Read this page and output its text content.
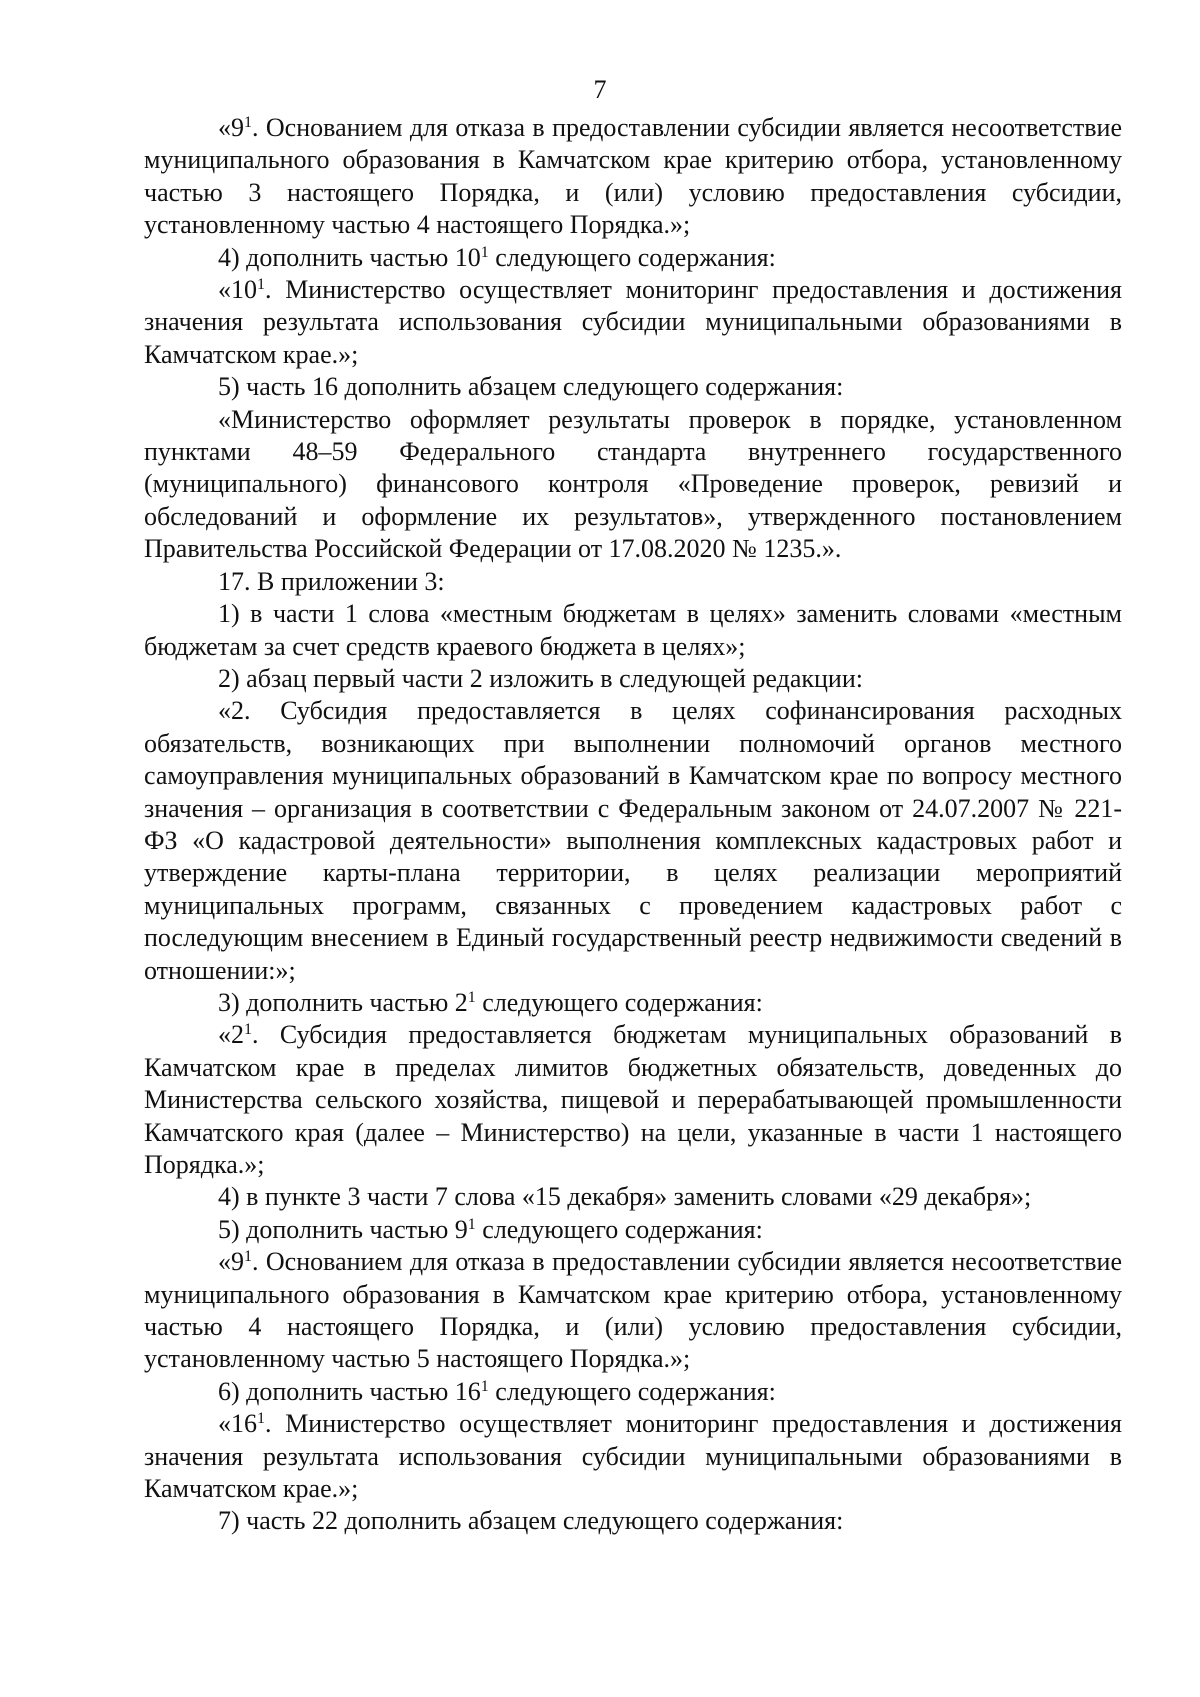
7

«$9^1$. Основанием для отказа в предоставлении субсидии является несоответствие муниципального образования в Камчатском крае критерию отбора, установленному частью 3 настоящего Порядка, и (или) условию предоставления субсидии, установленному частью 4 настоящего Порядка.»;

4) дополнить частью $10^1$ следующего содержания:

«$10^1$. Министерство осуществляет мониторинг предоставления и достижения значения результата использования субсидии муниципальными образованиями в Камчатском крае.»;

5) часть 16 дополнить абзацем следующего содержания:

«Министерство оформляет результаты проверок в порядке, установленном пунктами 48–59 Федерального стандарта внутреннего государственного (муниципального) финансового контроля «Проведение проверок, ревизий и обследований и оформление их результатов», утвержденного постановлением Правительства Российской Федерации от 17.08.2020 № 1235.».

17. В приложении 3:

1) в части 1 слова «местным бюджетам в целях» заменить словами «местным бюджетам за счет средств краевого бюджета в целях»;

2) абзац первый части 2 изложить в следующей редакции:

«2. Субсидия предоставляется в целях софинансирования расходных обязательств, возникающих при выполнении полномочий органов местного самоуправления муниципальных образований в Камчатском крае по вопросу местного значения – организация в соответствии с Федеральным законом от 24.07.2007 № 221-ФЗ «О кадастровой деятельности» выполнения комплексных кадастровых работ и утверждение карты-плана территории, в целях реализации мероприятий муниципальных программ, связанных с проведением кадастровых работ с последующим внесением в Единый государственный реестр недвижимости сведений в отношении:»;

3) дополнить частью $2^1$ следующего содержания:

«$2^1$. Субсидия предоставляется бюджетам муниципальных образований в Камчатском крае в пределах лимитов бюджетных обязательств, доведенных до Министерства сельского хозяйства, пищевой и перерабатывающей промышленности Камчатского края (далее – Министерство) на цели, указанные в части 1 настоящего Порядка.»;

4) в пункте 3 части 7 слова «15 декабря» заменить словами «29 декабря»;

5) дополнить частью $9^1$ следующего содержания:

«$9^1$. Основанием для отказа в предоставлении субсидии является несоответствие муниципального образования в Камчатском крае критерию отбора, установленному частью 4 настоящего Порядка, и (или) условию предоставления субсидии, установленному частью 5 настоящего Порядка.»;

6) дополнить частью $16^1$ следующего содержания:

«$16^1$. Министерство осуществляет мониторинг предоставления и достижения значения результата использования субсидии муниципальными образованиями в Камчатском крае.»;

7) часть 22 дополнить абзацем следующего содержания:
